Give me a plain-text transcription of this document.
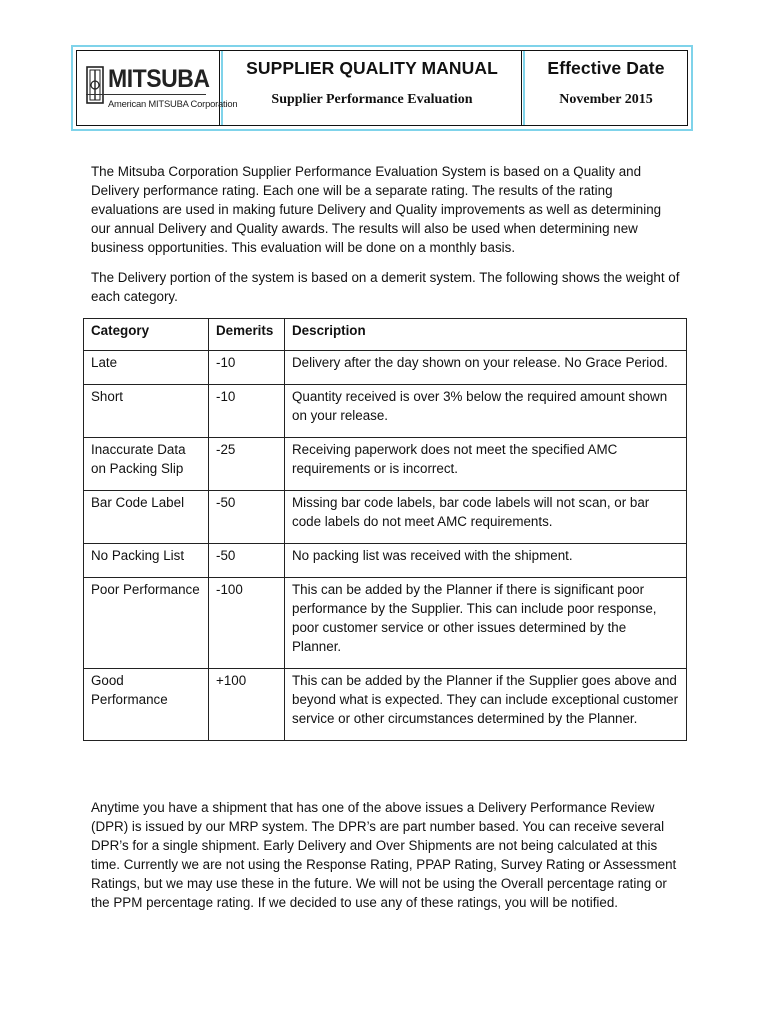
MITSUBA
American MITSUBA Corporation
SUPPLIER QUALITY MANUAL
Supplier Performance Evaluation
Effective Date
November 2015

The Mitsuba Corporation Supplier Performance Evaluation System is based on a Quality and Delivery performance rating. Each one will be a separate rating. The results of the rating evaluations are used in making future Delivery and Quality improvements as well as determining our annual Delivery and Quality awards. The results will also be used when determining new business opportunities. This evaluation will be done on a monthly basis.

The Delivery portion of the system is based on a demerit system. The following shows the weight of each category.

Category	Demerits	Description
Late	-10	Delivery after the day shown on your release. No Grace Period.
Short	-10	Quantity received is over 3% below the required amount shown on your release.
Inaccurate Data on Packing Slip	-25	Receiving paperwork does not meet the specified AMC requirements or is incorrect.
Bar Code Label	-50	Missing bar code labels, bar code labels will not scan, or bar code labels do not meet AMC requirements.
No Packing List	-50	No packing list was received with the shipment.
Poor Performance	-100	This can be added by the Planner if there is significant poor performance by the Supplier. This can include poor response, poor customer service or other issues determined by the Planner.
Good Performance	+100	This can be added by the Planner if the Supplier goes above and beyond what is expected. They can include exceptional customer service or other circumstances determined by the Planner.

Anytime you have a shipment that has one of the above issues a Delivery Performance Review (DPR) is issued by our MRP system. The DPR’s are part number based. You can receive several DPR’s for a single shipment. Early Delivery and Over Shipments are not being calculated at this time. Currently we are not using the Response Rating, PPAP Rating, Survey Rating or Assessment Ratings, but we may use these in the future. We will not be using the Overall percentage rating or the PPM percentage rating. If we decided to use any of these ratings, you will be notified.
